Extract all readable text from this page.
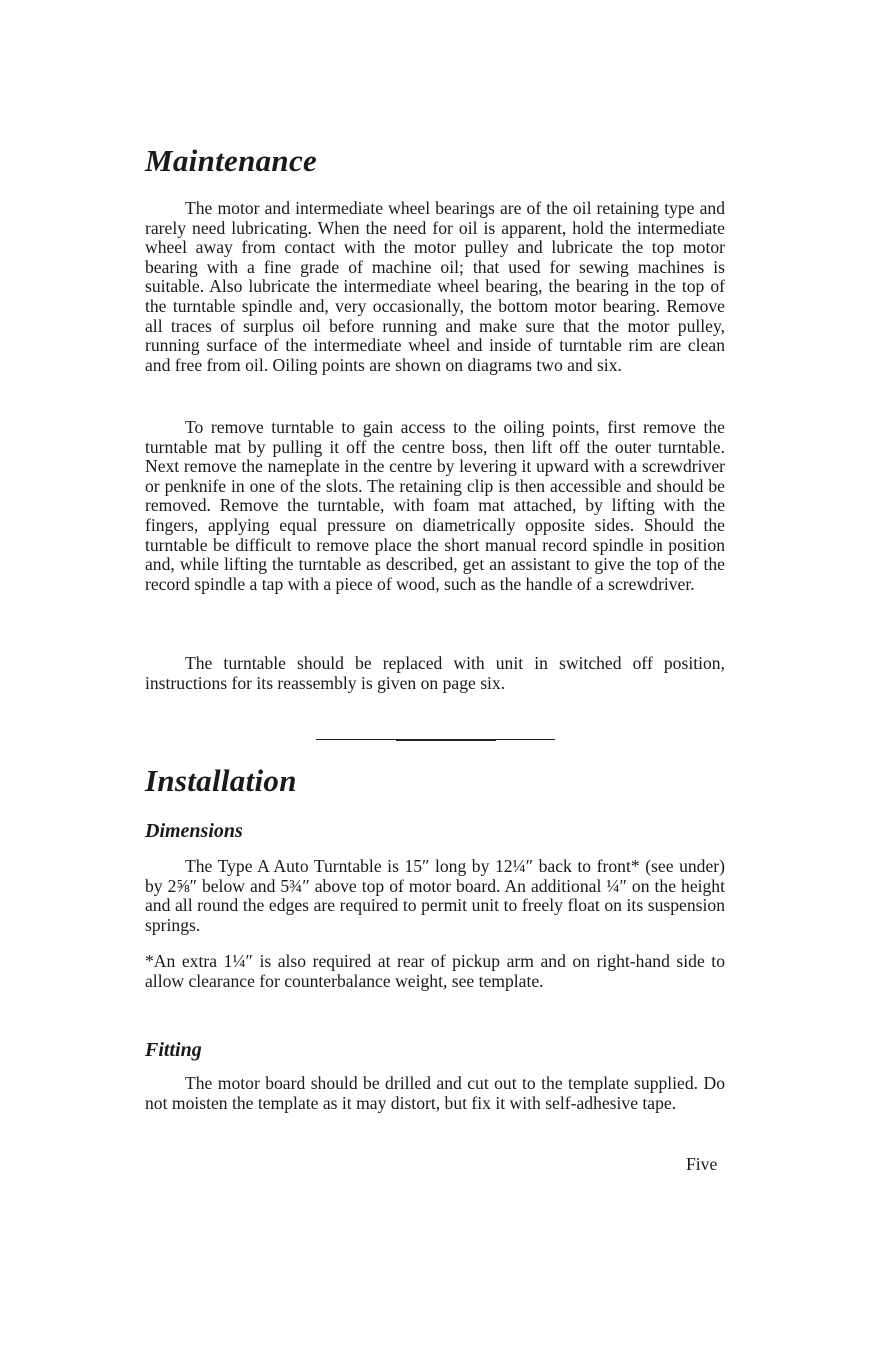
Maintenance

The motor and intermediate wheel bearings are of the oil retaining type and rarely need lubricating. When the need for oil is apparent, hold the intermediate wheel away from contact with the motor pulley and lubricate the top motor bearing with a fine grade of machine oil; that used for sewing machines is suitable. Also lubricate the intermediate wheel bearing, the bearing in the top of the turntable spindle and, very occasionally, the bottom motor bearing. Remove all traces of surplus oil before running and make sure that the motor pulley, running surface of the intermediate wheel and inside of turntable rim are clean and free from oil. Oiling points are shown on diagrams two and six.

To remove turntable to gain access to the oiling points, first remove the turntable mat by pulling it off the centre boss, then lift off the outer turntable. Next remove the nameplate in the centre by levering it upward with a screwdriver or penknife in one of the slots. The retaining clip is then accessible and should be removed. Remove the turntable, with foam mat attached, by lifting with the fingers, applying equal pressure on diametrically opposite sides. Should the turntable be difficult to remove place the short manual record spindle in position and, while lifting the turntable as described, get an assistant to give the top of the record spindle a tap with a piece of wood, such as the handle of a screwdriver.

The turntable should be replaced with unit in switched off position, instructions for its reassembly is given on page six.

Installation
Dimensions

The Type A Auto Turntable is 15″ long by 12¼″ back to front* (see under) by 2⅝″ below and 5¾″ above top of motor board. An additional ¼″ on the height and all round the edges are required to permit unit to freely float on its suspension springs.

*An extra 1¼″ is also required at rear of pickup arm and on right-hand side to allow clearance for counterbalance weight, see template.

Fitting

The motor board should be drilled and cut out to the template supplied. Do not moisten the template as it may distort, but fix it with self-adhesive tape.

Five
